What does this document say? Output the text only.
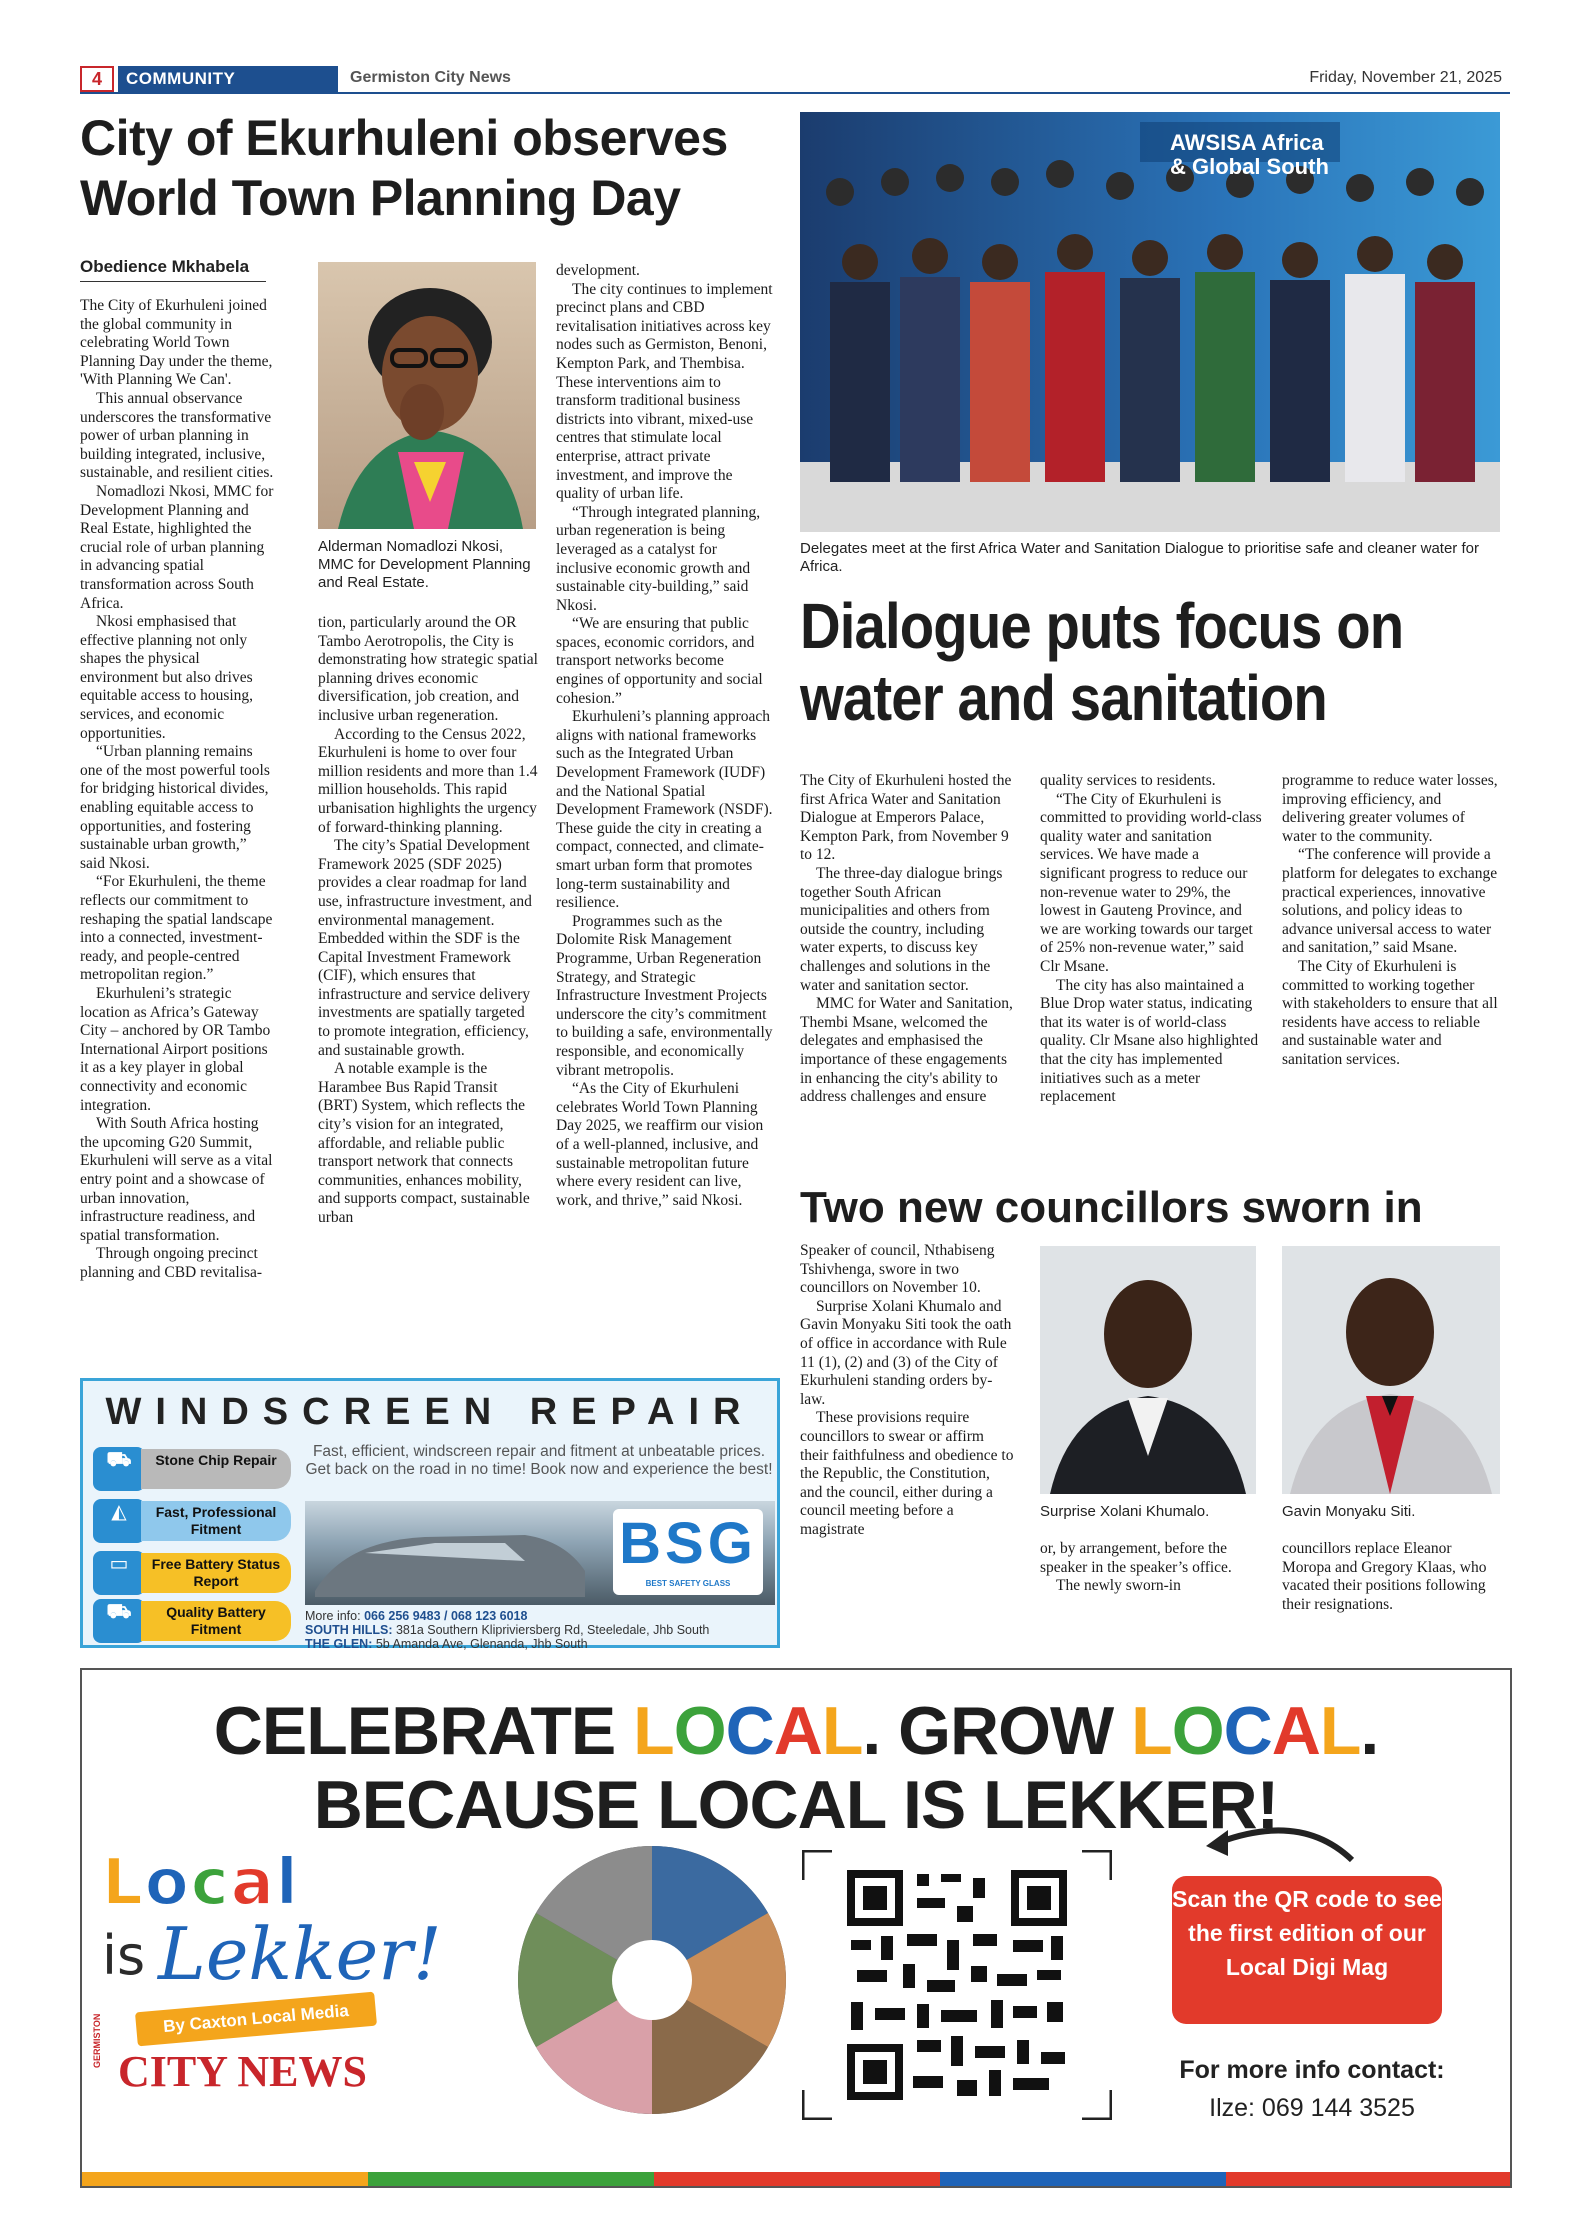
4	COMMUNITY	Germiston City News	Friday, November 21, 2025
City of Ekurhuleni observes
World Town Planning Day
Obedience Mkhabela

The City of Ekurhuleni joined the global community in celebrating World Town Planning Day under the theme, 'With Planning We Can'.

This annual observance underscores the transformative power of urban planning in building integrated, inclusive, sustainable, and resilient cities.

Nomadlozi Nkosi, MMC for Development Planning and Real Estate, highlighted the crucial role of urban planning in advancing spatial transformation across South Africa.

Nkosi emphasised that effective planning not only shapes the physical environment but also drives equitable access to housing, services, and economic opportunities.

“Urban planning remains one of the most powerful tools for bridging historical divides, enabling equitable access to opportunities, and fostering sustainable urban growth,” said Nkosi.

“For Ekurhuleni, the theme reflects our commitment to reshaping the spatial landscape into a connected, investment-ready, and people-centred metropolitan region.”

Ekurhuleni’s strategic location as Africa’s Gateway City – anchored by OR Tambo International Airport positions it as a key player in global connectivity and economic integration.

With South Africa hosting the upcoming G20 Summit, Ekurhuleni will serve as a vital entry point and a showcase of urban innovation, infrastructure readiness, and spatial transformation.

Through ongoing precinct planning and CBD revitalisa-

Alderman Nomadlozi Nkosi, MMC for Development Planning and Real Estate.

tion, particularly around the OR Tambo Aerotropolis, the City is demonstrating how strategic spatial planning drives economic diversification, job creation, and inclusive urban regeneration.

According to the Census 2022, Ekurhuleni is home to over four million residents and more than 1.4 million households. This rapid urbanisation highlights the urgency of forward-thinking planning.

The city’s Spatial Development Framework 2025 (SDF 2025) provides a clear roadmap for land use, infrastructure investment, and environmental management. Embedded within the SDF is the Capital Investment Framework (CIF), which ensures that infrastructure and service delivery investments are spatially targeted to promote integration, efficiency, and sustainable growth.

A notable example is the Harambee Bus Rapid Transit (BRT) System, which reflects the city’s vision for an integrated, affordable, and reliable public transport network that connects communities, enhances mobility, and supports compact, sustainable urban

development.

The city continues to implement precinct plans and CBD revitalisation initiatives across key nodes such as Germiston, Benoni, Kempton Park, and Thembisa. These interventions aim to transform traditional business districts into vibrant, mixed-use centres that stimulate local enterprise, attract private investment, and improve the quality of urban life.

“Through integrated planning, urban regeneration is being leveraged as a catalyst for inclusive economic growth and sustainable city-building,” said Nkosi.

“We are ensuring that public spaces, economic corridors, and transport networks become engines of opportunity and social cohesion.”

Ekurhuleni’s planning approach aligns with national frameworks such as the Integrated Urban Development Framework (IUDF) and the National Spatial Development Framework (NSDF). These guide the city in creating a compact, connected, and climate-smart urban form that promotes long-term sustainability and resilience.

Programmes such as the Dolomite Risk Management Programme, Urban Regeneration Strategy, and Strategic Infrastructure Investment Projects underscore the city’s commitment to building a safe, environmentally responsible, and economically vibrant metropolis.

“As the City of Ekurhuleni celebrates World Town Planning Day 2025, we reaffirm our vision of a well-planned, inclusive, and sustainable metropolitan future where every resident can live, work, and thrive,” said Nkosi.

AWSISA Africa
& Global South
Delegates meet at the first Africa Water and Sanitation Dialogue to prioritise safe and cleaner water for Africa.
Dialogue puts focus on
water and sanitation

The City of Ekurhuleni hosted the first Africa Water and Sanitation Dialogue at Emperors Palace, Kempton Park, from November 9 to 12.

The three-day dialogue brings together South African municipalities and others from outside the country, including water experts, to discuss key challenges and solutions in the water and sanitation sector.

MMC for Water and Sanitation, Thembi Msane, welcomed the delegates and emphasised the importance of these engagements in enhancing the city's ability to address challenges and ensure

quality services to residents.

“The City of Ekurhuleni is committed to providing world-class quality water and sanitation services. We have made a significant progress to reduce our non-revenue water to 29%, the lowest in Gauteng Province, and we are working towards our target of 25% non-revenue water,” said Clr Msane.

The city has also maintained a Blue Drop water status, indicating that its water is of world-class quality. Clr Msane also highlighted that the city has implemented initiatives such as a meter replacement

programme to reduce water losses, improving efficiency, and delivering greater volumes of water to the community.

“The conference will provide a platform for delegates to exchange practical experiences, innovative solutions, and policy ideas to advance universal access to water and sanitation,” said Msane.

The City of Ekurhuleni is committed to working together with stakeholders to ensure that all residents have access to reliable and sustainable water and sanitation services.

Two new councillors sworn in

Speaker of council, Nthabiseng Tshivhenga, swore in two councillors on November 10.

Surprise Xolani Khumalo and Gavin Monyaku Siti took the oath of office in accordance with Rule 11 (1), (2) and (3) of the City of Ekurhuleni standing orders by-law.

These provisions require councillors to swear or affirm their faithfulness and obedience to the Republic, the Constitution, and the council, either during a council meeting before a magistrate

Surprise Xolani Khumalo.	Gavin Monyaku Siti.

or, by arrangement, before the speaker in the speaker’s office.

The newly sworn-in

councillors replace Eleanor Moropa and Gregory Klaas, who vacated their positions following their resignations.

WINDSCREEN REPAIR
⛟	Stone Chip Repair
◭	Fast, Professional Fitment
▭	Free Battery Status Report
⛟	Quality Battery Fitment
Fast, efficient, windscreen repair and fitment at unbeatable prices. Get back on the road in no time! Book now and experience the best!
BSG
BEST SAFETY GLASS
More info: 066 256 9483 / 068 123 6018
SOUTH HILLS: 381a Southern Klipriviersberg Rd, Steeledale, Jhb South
THE GLEN: 5b Amanda Ave, Glenanda, Jhb South
CELEBRATE LOCAL. GROW LOCAL.
BECAUSE LOCAL IS LEKKER!
Local
is Lekker!
By Caxton Local Media
GERMISTON
CITY NEWS
Scan the QR code to see the first edition of our Local Digi Mag
For more info contact:
Ilze: 069 144 3525
